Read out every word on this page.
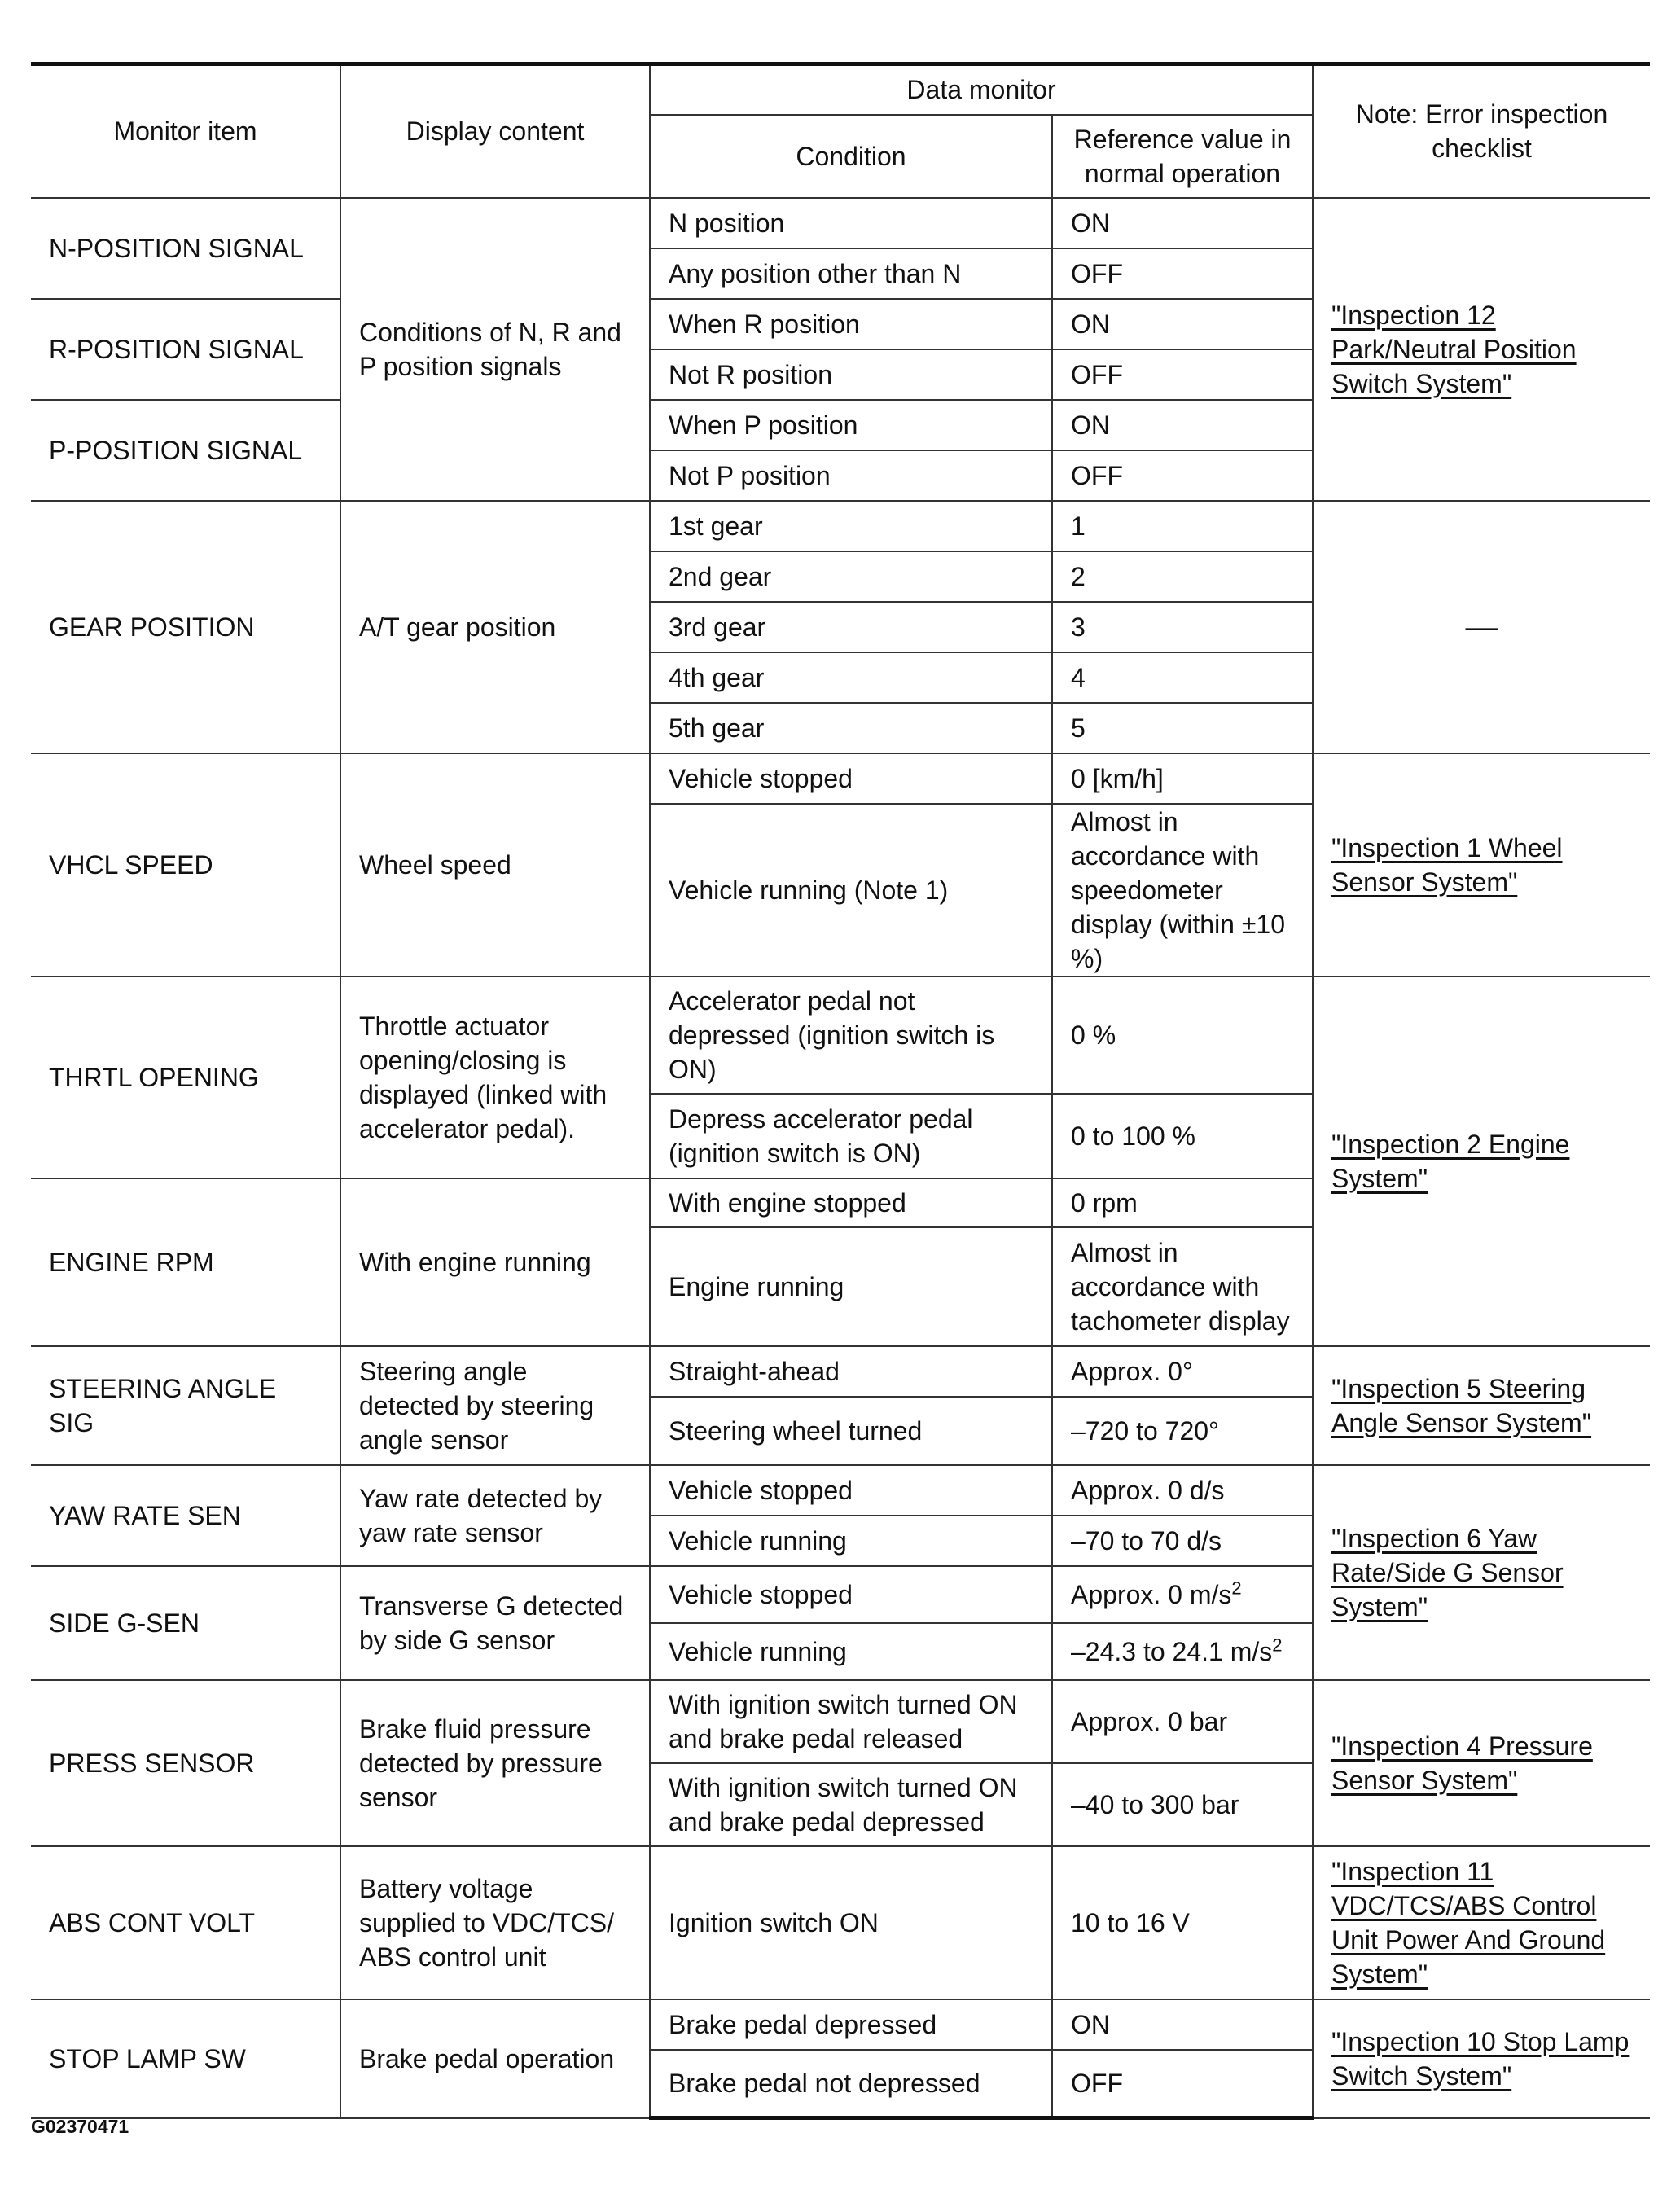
Monitor item	Display content	Data monitor		Note: Error inspection checklist
		Condition	Reference value in normal operation	
N-POSITION SIGNAL	Conditions of N, R and P position signals	N position	ON	"Inspection 12 Park/Neutral Position Switch System"
		Any position other than N	OFF	
R-POSITION SIGNAL		When R position	ON	
		Not R position	OFF	
P-POSITION SIGNAL		When P position	ON	
		Not P position	OFF	
GEAR POSITION	A/T gear position	1st gear	1	—
		2nd gear	2	
		3rd gear	3	
		4th gear	4	
		5th gear	5	
VHCL SPEED	Wheel speed	Vehicle stopped	0 [km/h]	"Inspection 1 Wheel Sensor System"
		Vehicle running (Note 1)	Almost in accordance with speedometer display (within ±10 %)	
THRTL OPENING	Throttle actuator opening/closing is displayed (linked with accelerator pedal).	Accelerator pedal not depressed (ignition switch is ON)	0 %	"Inspection 2 Engine System"
		Depress accelerator pedal (ignition switch is ON)	0 to 100 %	
ENGINE RPM	With engine running	With engine stopped	0 rpm	
		Engine running	Almost in accordance with tachometer display	
STEERING ANGLE SIG	Steering angle detected by steering angle sensor	Straight-ahead	Approx. 0°	"Inspection 5 Steering Angle Sensor System"
		Steering wheel turned	–720 to 720°	
YAW RATE SEN	Yaw rate detected by yaw rate sensor	Vehicle stopped	Approx. 0 d/s	"Inspection 6 Yaw Rate/Side G Sensor System"
		Vehicle running	–70 to 70 d/s	
SIDE G-SEN	Transverse G detected by side G sensor	Vehicle stopped	Approx. 0 $m/s^2$
		Vehicle running	–24.3 to 24.1 $m/s^2$
PRESS SENSOR	Brake fluid pressure detected by pressure sensor	With ignition switch turned ON and brake pedal released	Approx. 0 bar	"Inspection 4 Pressure Sensor System"
		With ignition switch turned ON and brake pedal depressed	–40 to 300 bar	
ABS CONT VOLT	Battery voltage supplied to VDC/TCS/ ABS control unit	Ignition switch ON	10 to 16 V	"Inspection 11 VDC/TCS/ABS Control Unit Power And Ground System"
STOP LAMP SW	Brake pedal operation	Brake pedal depressed	ON	"Inspection 10 Stop Lamp Switch System"
		Brake pedal not depressed	OFF	
G02370471
